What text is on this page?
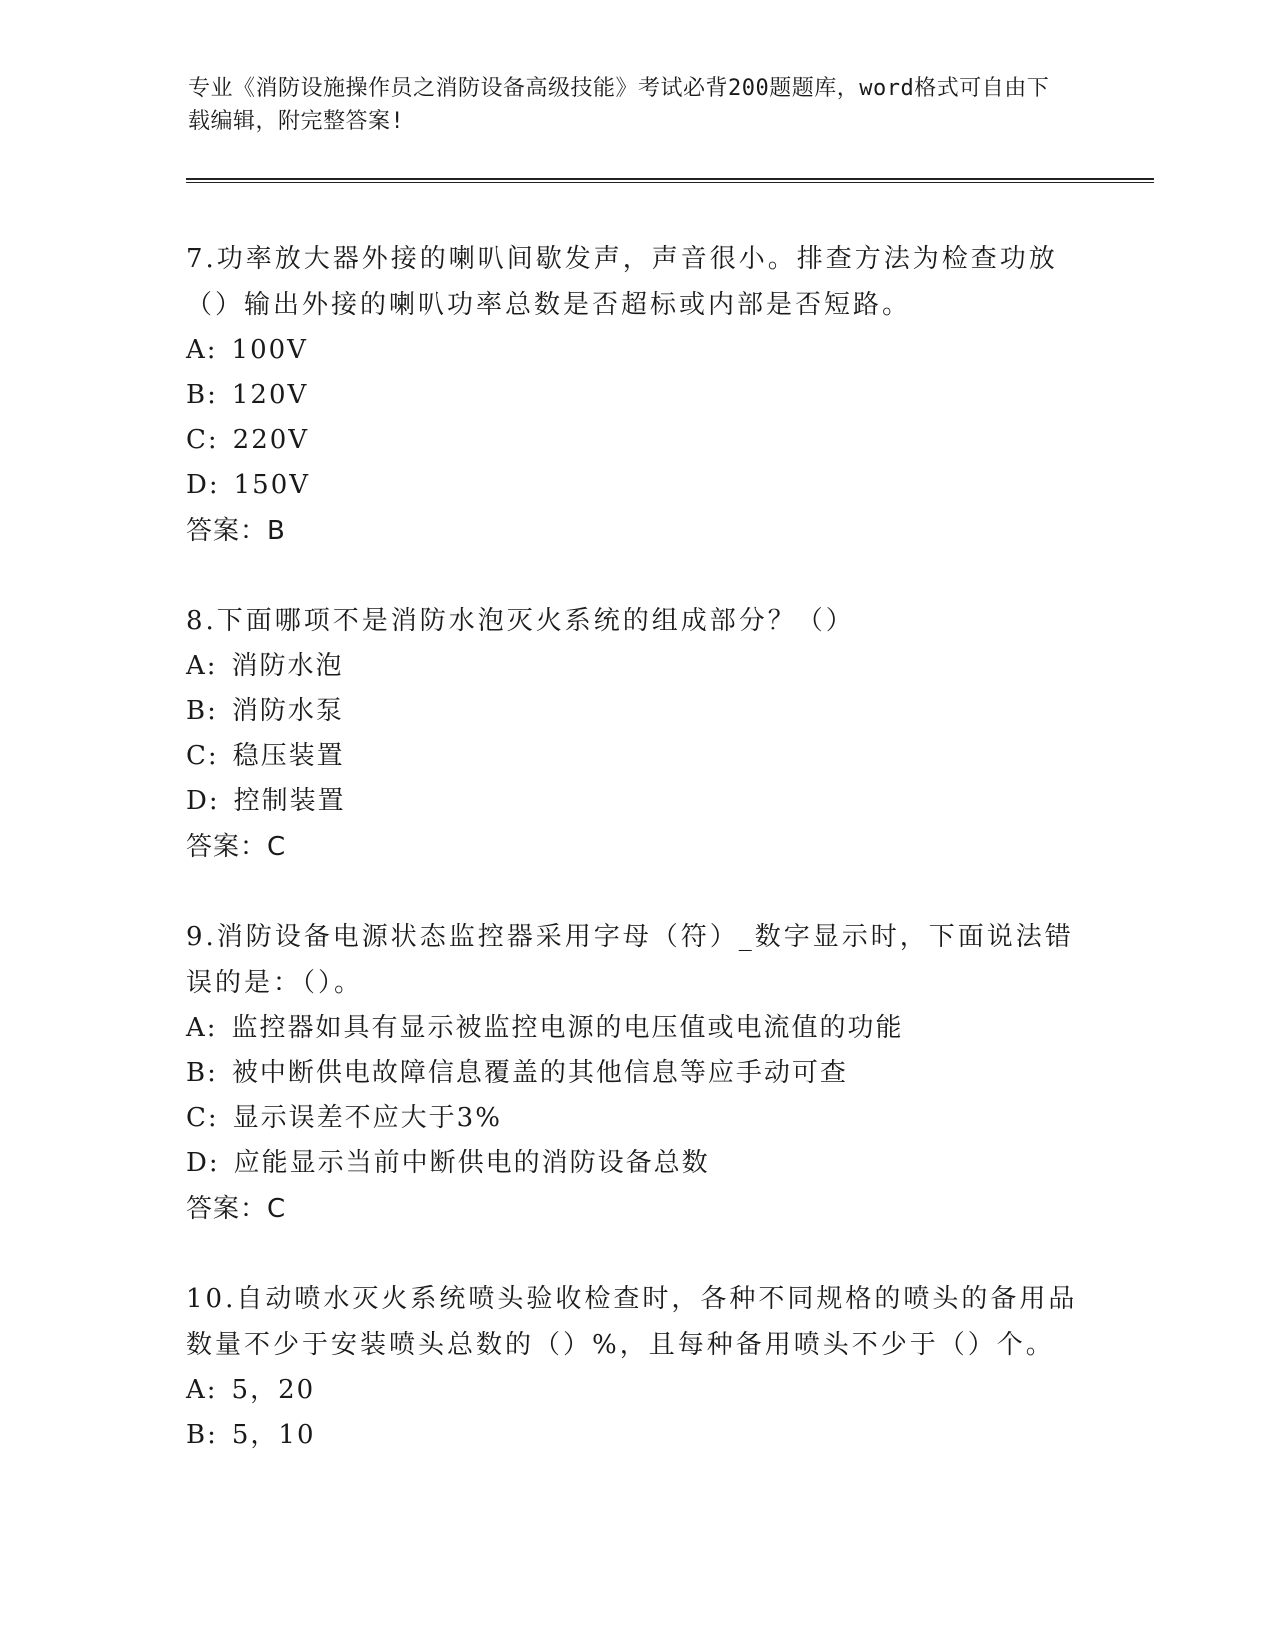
专业《消防设施操作员之消防设备高级技能》考试必背200题题库，word格式可自由下载编辑，附完整答案!
7.功率放大器外接的喇叭间歇发声，声音很小。排查方法为检查功放（）输出外接的喇叭功率总数是否超标或内部是否短路。
A: 100V
B: 120V
C: 220V
D: 150V
答案：B
8.下面哪项不是消防水泡灭火系统的组成部分？（）
A: 消防水泡
B: 消防水泵
C: 稳压装置
D: 控制装置
答案：C
9.消防设备电源状态监控器采用字母（符）_数字显示时，下面说法错误的是：（）。
A: 监控器如具有显示被监控电源的电压值或电流值的功能
B: 被中断供电故障信息覆盖的其他信息等应手动可查
C: 显示误差不应大于3%
D: 应能显示当前中断供电的消防设备总数
答案：C
10.自动喷水灭火系统喷头验收检查时，各种不同规格的喷头的备用品数量不少于安装喷头总数的（）%，且每种备用喷头不少于（）个。
A: 5，20
B: 5，10
